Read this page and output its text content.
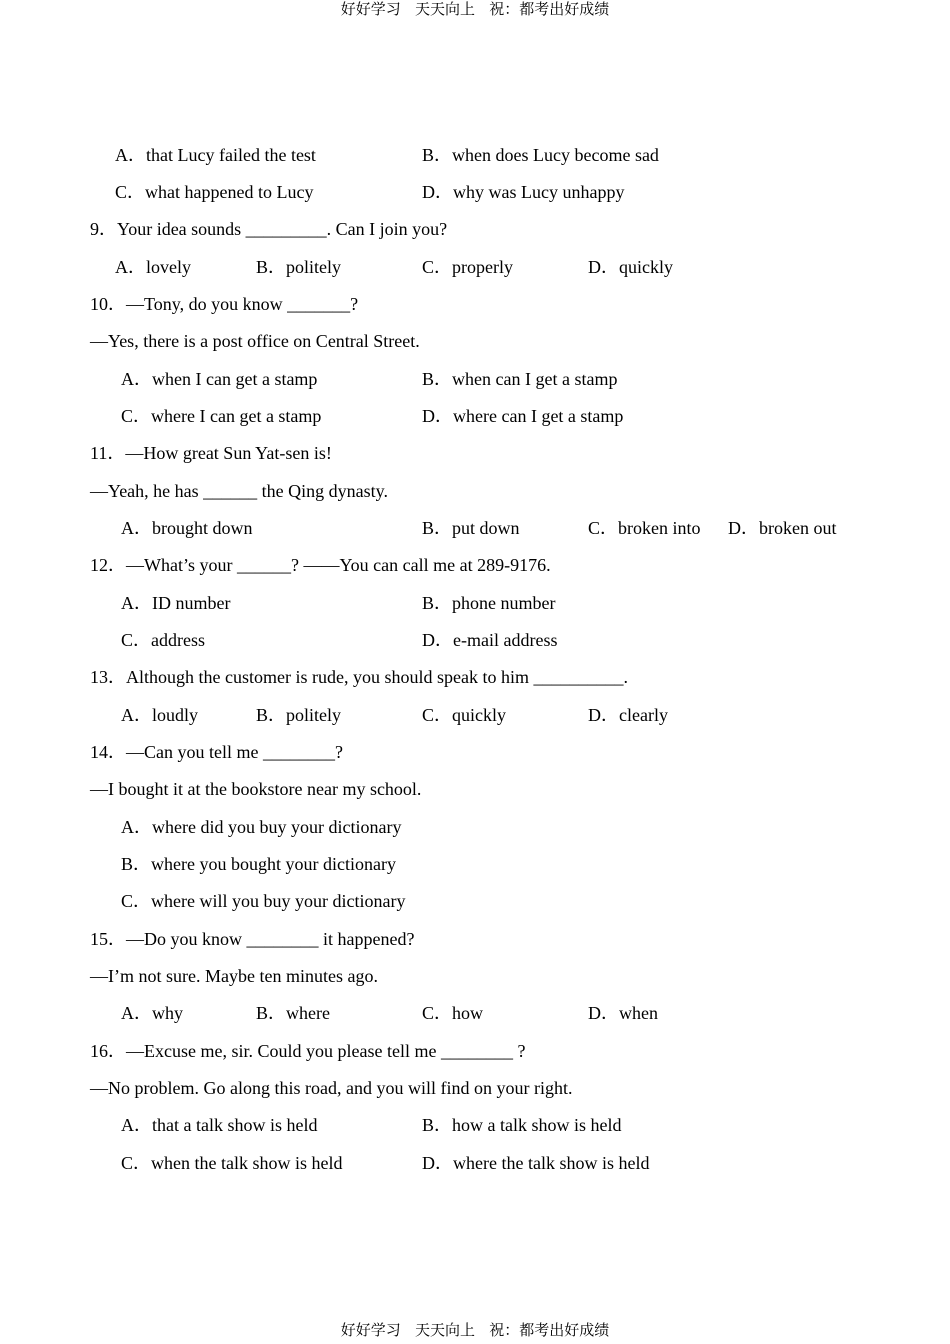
好好学习   天天向上   祝：都考出好成绩
A．that Lucy failed the test	B．when does Lucy become sad
C．what happened to Lucy	D．why was Lucy unhappy
9．Your idea sounds _________. Can I join you?
A．lovely	B．politely	C．properly	D．quickly
10．—Tony, do you know _______?
—Yes, there is a post office on Central Street.
A．when I can get a stamp	B．when can I get a stamp
C．where I can get a stamp	D．where can I get a stamp
11．—How great Sun Yat-sen is!
—Yeah, he has ______ the Qing dynasty.
A．brought down	B．put down	C．broken into D．broken out
12．—What’s your ______? ——You can call me at 289-9176.
A．ID number	B．phone number
C．address	D．e-mail address
13．Although the customer is rude, you should speak to him __________.
A．loudly	B．politely	C．quickly	D．clearly
14．—Can you tell me ________?
—I bought it at the bookstore near my school.
A．where did you buy your dictionary
B．where you bought your dictionary
C．where will you buy your dictionary
15．—Do you know ________ it happened?
—I’m not sure. Maybe ten minutes ago.
A．why	B．where	C．how	D．when
16．—Excuse me, sir. Could you please tell me ________ ?
—No problem. Go along this road, and you will find on your right.
A．that a talk show is held	B．how a talk show is held
C．when the talk show is held	D．where the talk show is held
好好学习   天天向上   祝：都考出好成绩
